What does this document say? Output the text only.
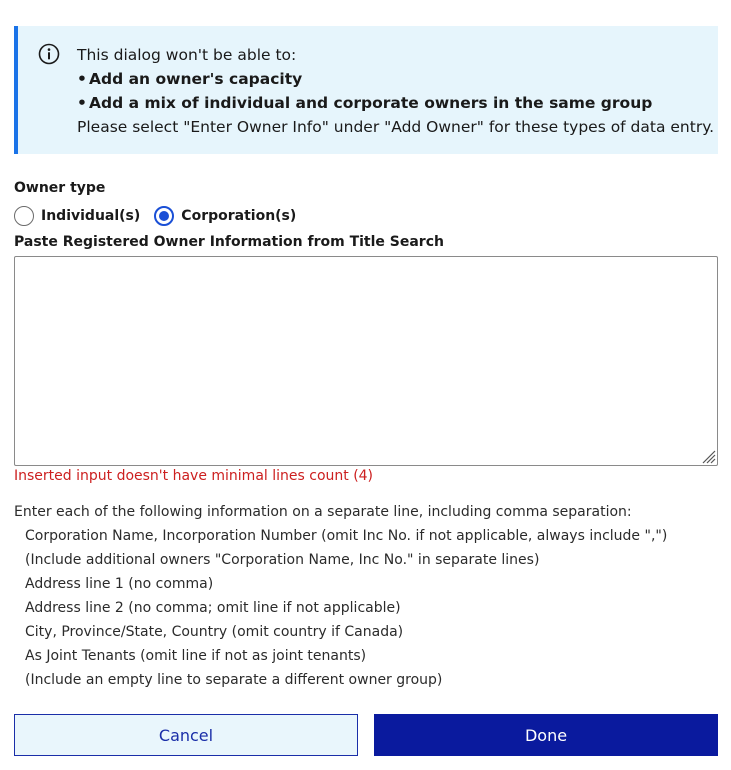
This dialog won't be able to:
• Add an owner's capacity
• Add a mix of individual and corporate owners in the same group
Please select "Enter Owner Info" under "Add Owner" for these types of data entry.
Owner type
Individual(s)	Corporation(s)
Paste Registered Owner Information from Title Search
Inserted input doesn't have minimal lines count (4)
Enter each of the following information on a separate line, including comma separation:
Corporation Name, Incorporation Number (omit Inc No. if not applicable, always include ",")
(Include additional owners "Corporation Name, Inc No." in separate lines)
Address line 1 (no comma)
Address line 2 (no comma; omit line if not applicable)
City, Province/State, Country (omit country if Canada)
As Joint Tenants (omit line if not as joint tenants)
(Include an empty line to separate a different owner group)
Cancel	Done
